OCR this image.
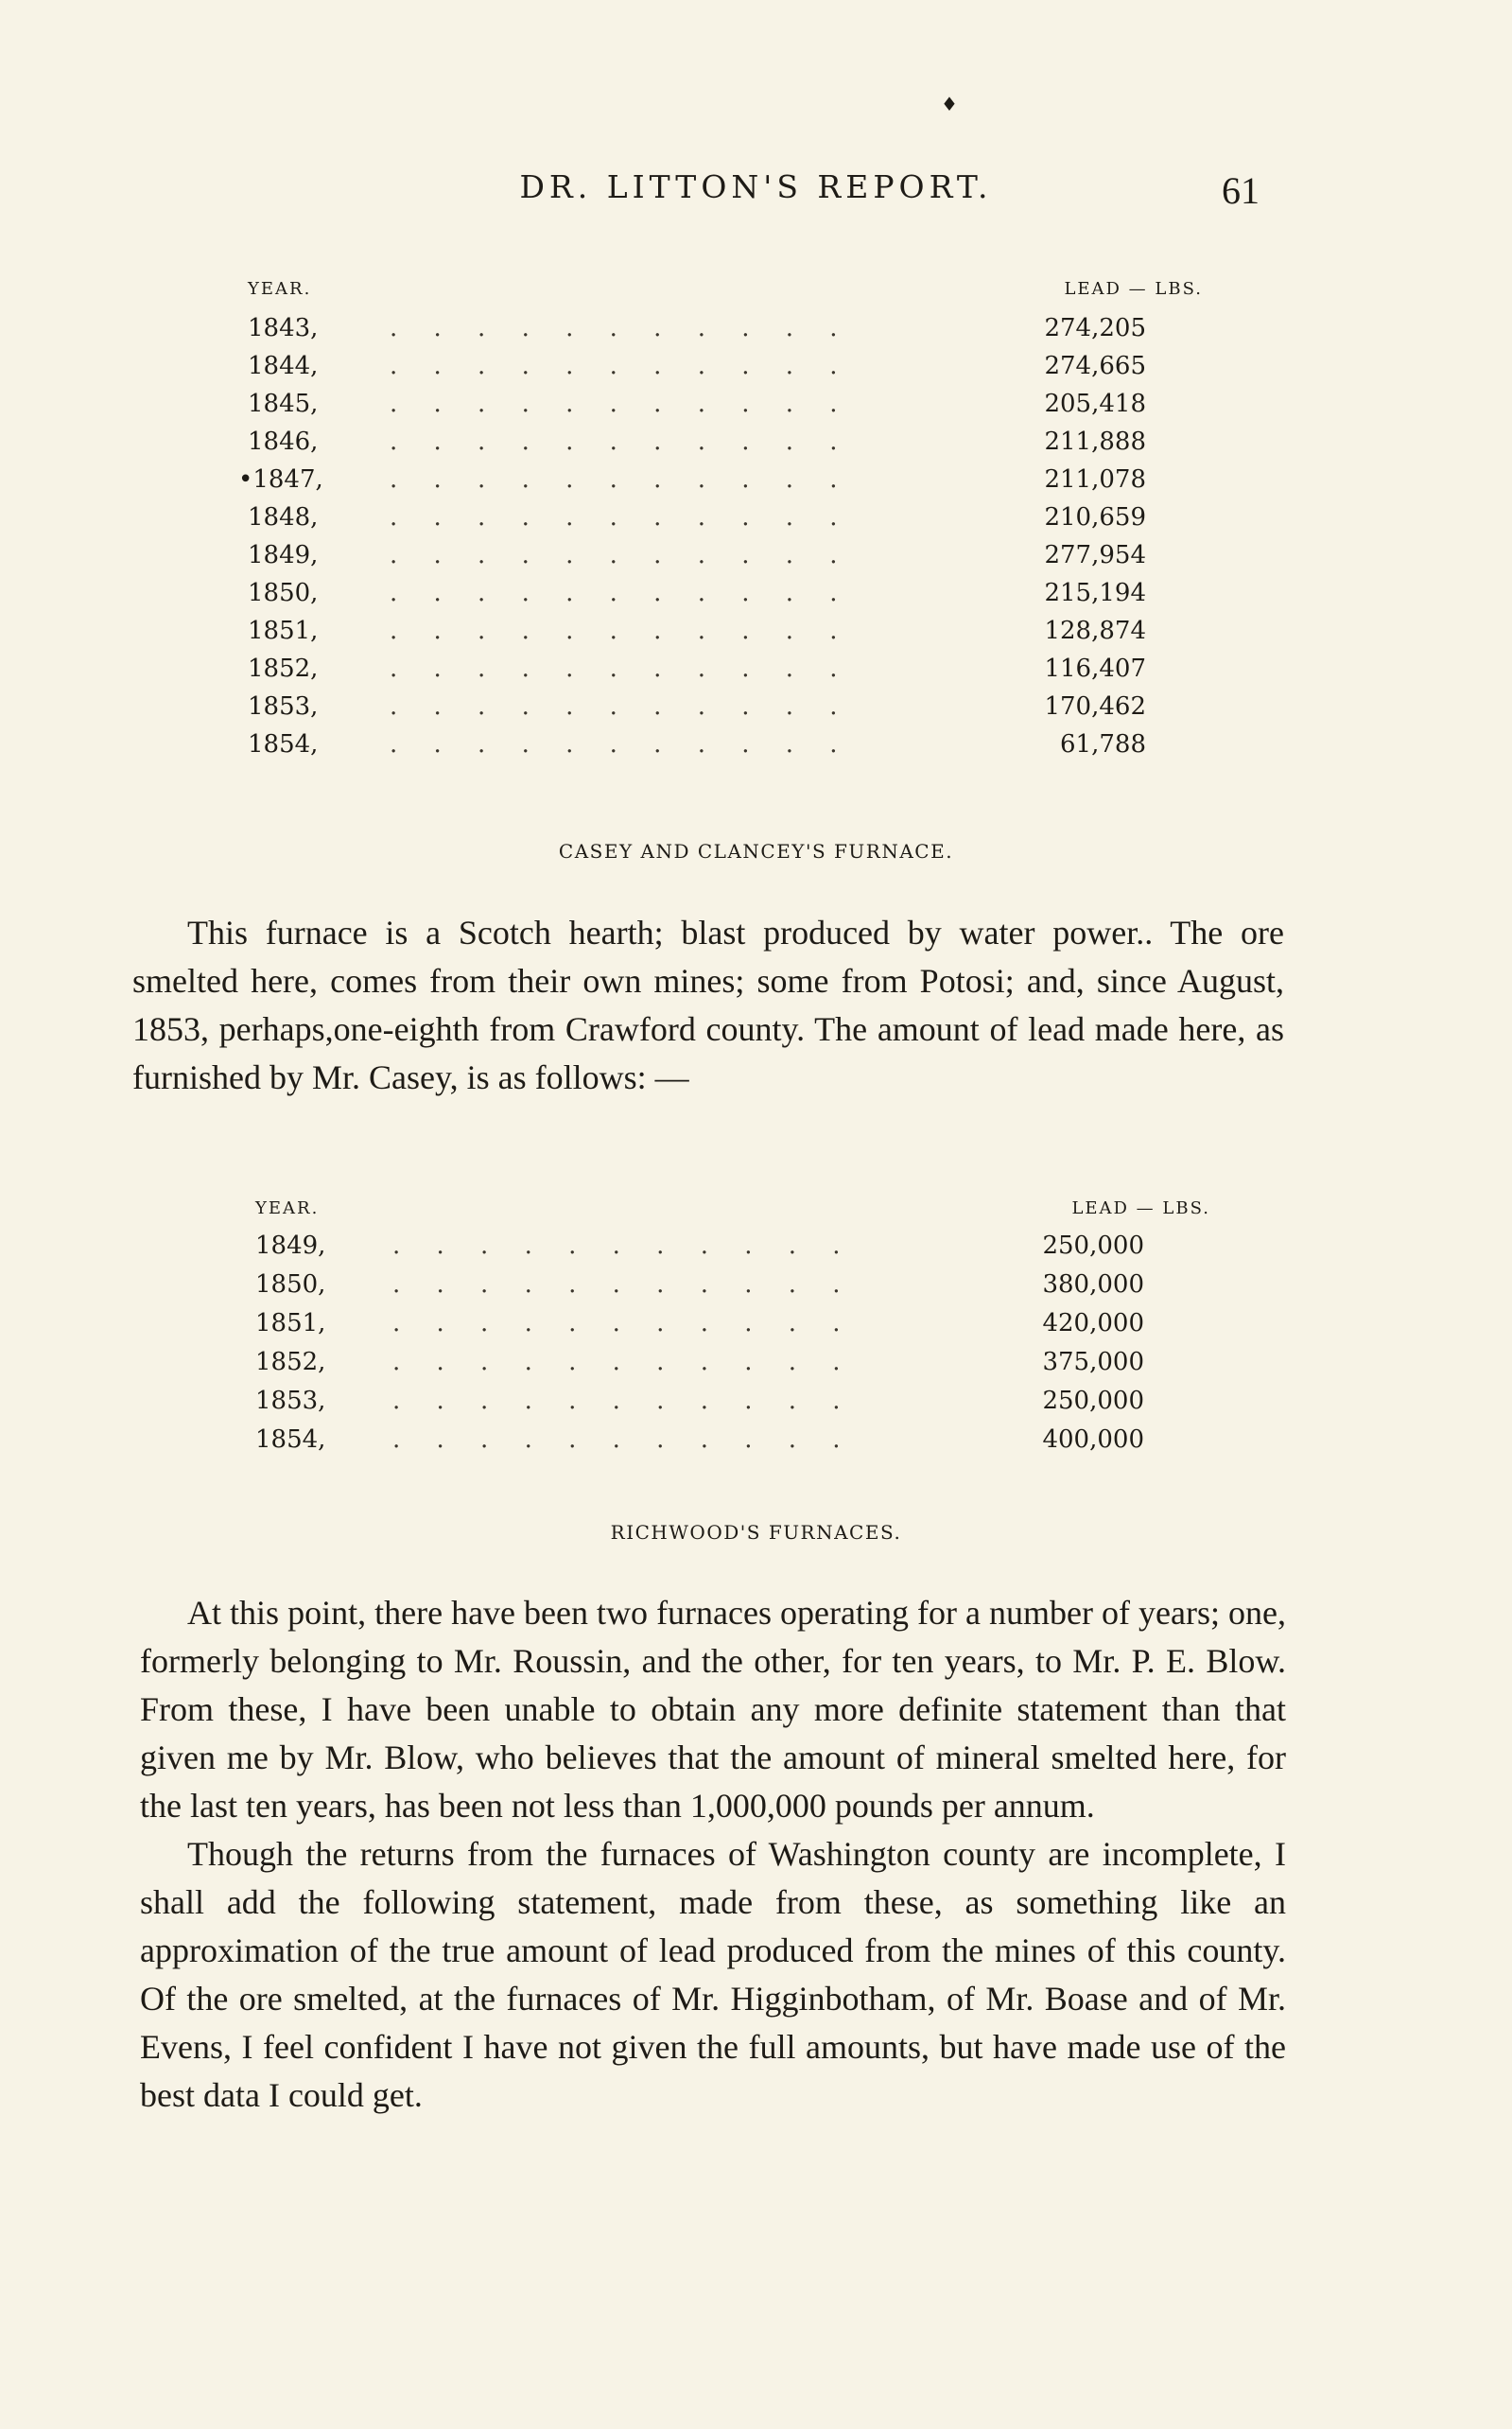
♦
DR. LITTON'S REPORT.	61
YEAR.	LEAD — LBS.
1843,	. . . . . . . . . . .	274,205
1844,	. . . . . . . . . . .	274,665
1845,	. . . . . . . . . . .	205,418
1846,	. . . . . . . . . . .	211,888
•1847,	. . . . . . . . . . .	211,078
1848,	. . . . . . . . . . .	210,659
1849,	. . . . . . . . . . .	277,954
1850,	. . . . . . . . . . .	215,194
1851,	. . . . . . . . . . .	128,874
1852,	. . . . . . . . . . .	116,407
1853,	. . . . . . . . . . .	170,462
1854,	. . . . . . . . . . .	61,788
CASEY AND CLANCEY'S FURNACE.

This furnace is a Scotch hearth; blast produced by water power.. The ore smelted here, comes from their own mines; some from Potosi; and, since August, 1853, perhaps,one-eighth from Crawford county. The amount of lead made here, as furnished by Mr. Casey, is as follows: —

YEAR.	LEAD — LBS.
1849,	. . . . . . . . . . .	250,000
1850,	. . . . . . . . . . .	380,000
1851,	. . . . . . . . . . .	420,000
1852,	. . . . . . . . . . .	375,000
1853,	. . . . . . . . . . .	250,000
1854,	. . . . . . . . . . .	400,000
RICHWOOD'S FURNACES.

At this point, there have been two furnaces operating for a number of years; one, formerly belonging to Mr. Roussin, and the other, for ten years, to Mr. P. E. Blow. From these, I have been unable to obtain any more definite statement than that given me by Mr. Blow, who believes that the amount of mineral smelted here, for the last ten years, has been not less than 1,000,000 pounds per annum.

Though the returns from the furnaces of Washington county are incomplete, I shall add the following statement, made from these, as something like an approximation of the true amount of lead produced from the mines of this county. Of the ore smelted, at the furnaces of Mr. Higginbotham, of Mr. Boase and of Mr. Evens, I feel confident I have not given the full amounts, but have made use of the best data I could get.
